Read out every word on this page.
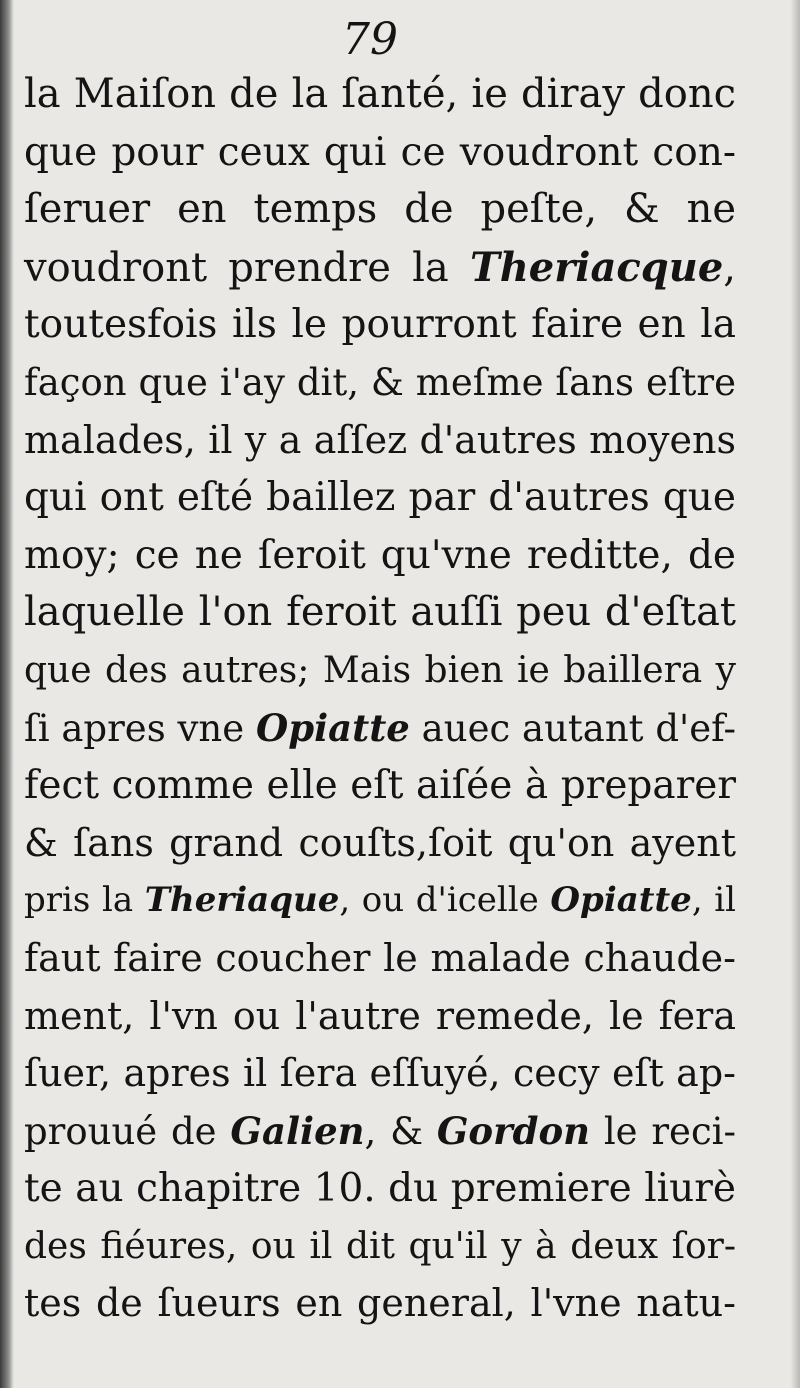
79
la Maiſon de la ſanté, ie diray donc
que pour ceux qui ce voudront con-
ſeruer en temps de peſte, & ne
voudront prendre la Theriacque,
toutesfois ils le pourront faire en la
façon que i'ay dit, & meſme ſans eſtre
malades, il y a aſſez d'autres moyens
qui ont eſté baillez par d'autres que
moy; ce ne ſeroit qu'vne reditte, de
laquelle l'on feroit auſſi peu d'eſtat
que des autres; Mais bien ie baillera y
ſi apres vne Opiatte auec autant d'ef-
fect comme elle eſt aiſée à preparer
& ſans grand couſts,ſoit qu'on ayent
pris la Theriaque, ou d'icelle Opiatte, il
faut faire coucher le malade chaude-
ment, l'vn ou l'autre remede, le fera
ſuer, apres il ſera eſſuyé, cecy eſt ap-
prouué de Galien, & Gordon le reci-
te au chapitre 10. du premiere liurè
des fiéures, ou il dit qu'il y à deux ſor-
tes de ſueurs en general, l'vne natu-
